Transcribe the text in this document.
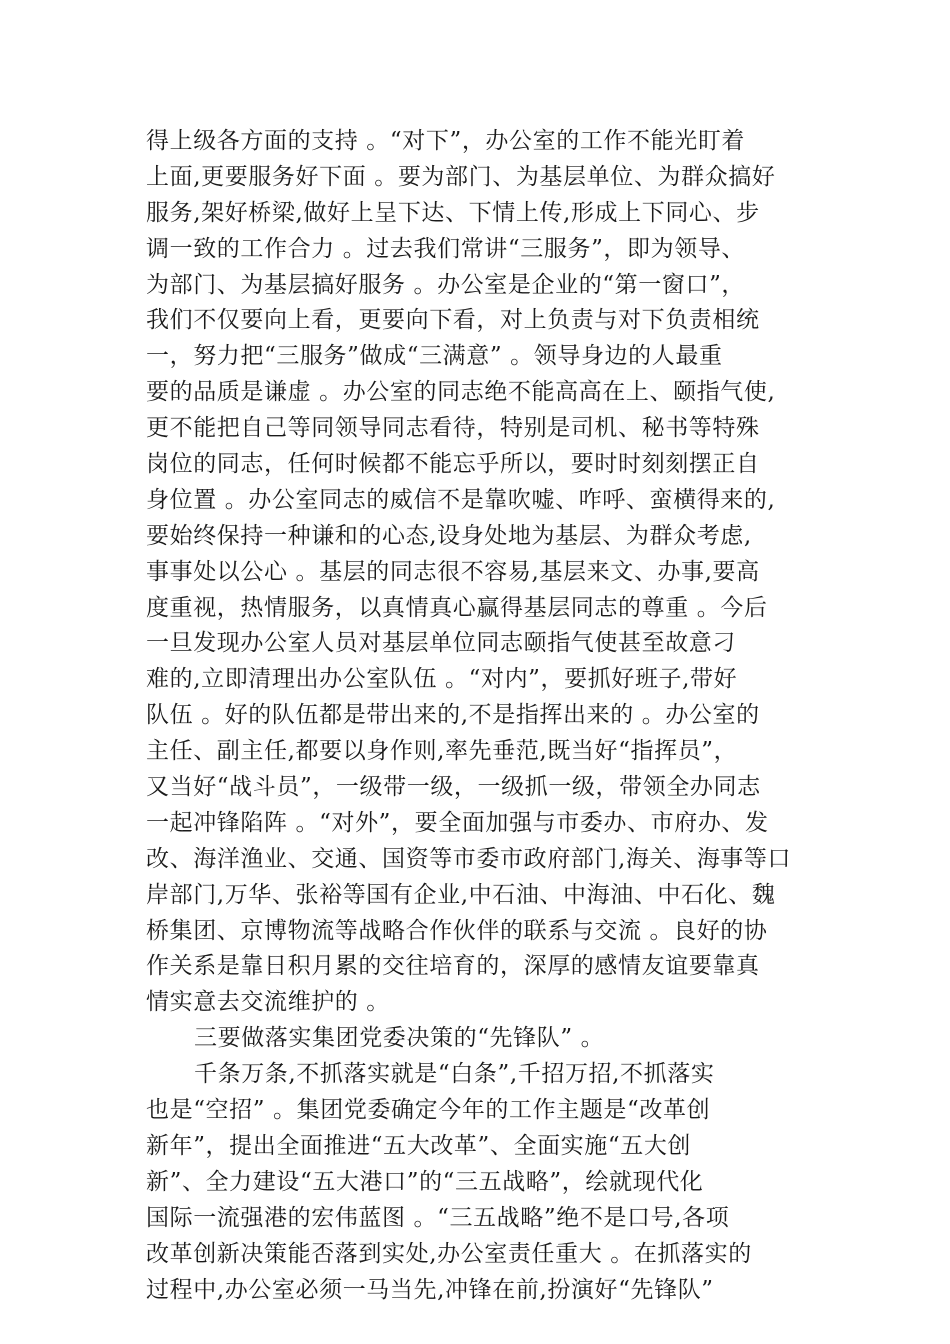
得上级各方面的支持 。“对下”，办公室的工作不能光盯着
上面,更要服务好下面 。要为部门、为基层单位、为群众搞好
服务,架好桥梁,做好上呈下达、下情上传,形成上下同心、步
调一致的工作合力 。过去我们常讲“三服务”，即为领导、
为部门、为基层搞好服务 。办公室是企业的“第一窗口”，
我们不仅要向上看，更要向下看，对上负责与对下负责相统
一，努力把“三服务”做成“三满意” 。领导身边的人最重
要的品质是谦虚 。办公室的同志绝不能高高在上、颐指气使,
更不能把自己等同领导同志看待，特别是司机、秘书等特殊
岗位的同志，任何时候都不能忘乎所以，要时时刻刻摆正自
身位置 。办公室同志的威信不是靠吹嘘、咋呼、蛮横得来的,
要始终保持一种谦和的心态,设身处地为基层、为群众考虑,
事事处以公心 。基层的同志很不容易,基层来文、办事,要高
度重视，热情服务，以真情真心赢得基层同志的尊重 。今后
一旦发现办公室人员对基层单位同志颐指气使甚至故意刁
难的,立即清理出办公室队伍 。“对内”，要抓好班子,带好
队伍 。好的队伍都是带出来的,不是指挥出来的 。办公室的
主任、副主任,都要以身作则,率先垂范,既当好“指挥员”，
又当好“战斗员”，一级带一级，一级抓一级，带领全办同志
一起冲锋陷阵 。“对外”，要全面加强与市委办、市府办、发
改、海洋渔业、交通、国资等市委市政府部门,海关、海事等口
岸部门,万华、张裕等国有企业,中石油、中海油、中石化、魏
桥集团、京博物流等战略合作伙伴的联系与交流 。良好的协
作关系是靠日积月累的交往培育的，深厚的感情友谊要靠真
情实意去交流维护的 。
三要做落实集团党委决策的“先锋队” 。
千条万条,不抓落实就是“白条”,千招万招,不抓落实
也是“空招” 。集团党委确定今年的工作主题是“改革创
新年”，提出全面推进“五大改革”、全面实施“五大创
新”、全力建设“五大港口”的“三五战略”，绘就现代化
国际一流强港的宏伟蓝图 。“三五战略”绝不是口号,各项
改革创新决策能否落到实处,办公室责任重大 。在抓落实的
过程中,办公室必须一马当先,冲锋在前,扮演好“先锋队”
